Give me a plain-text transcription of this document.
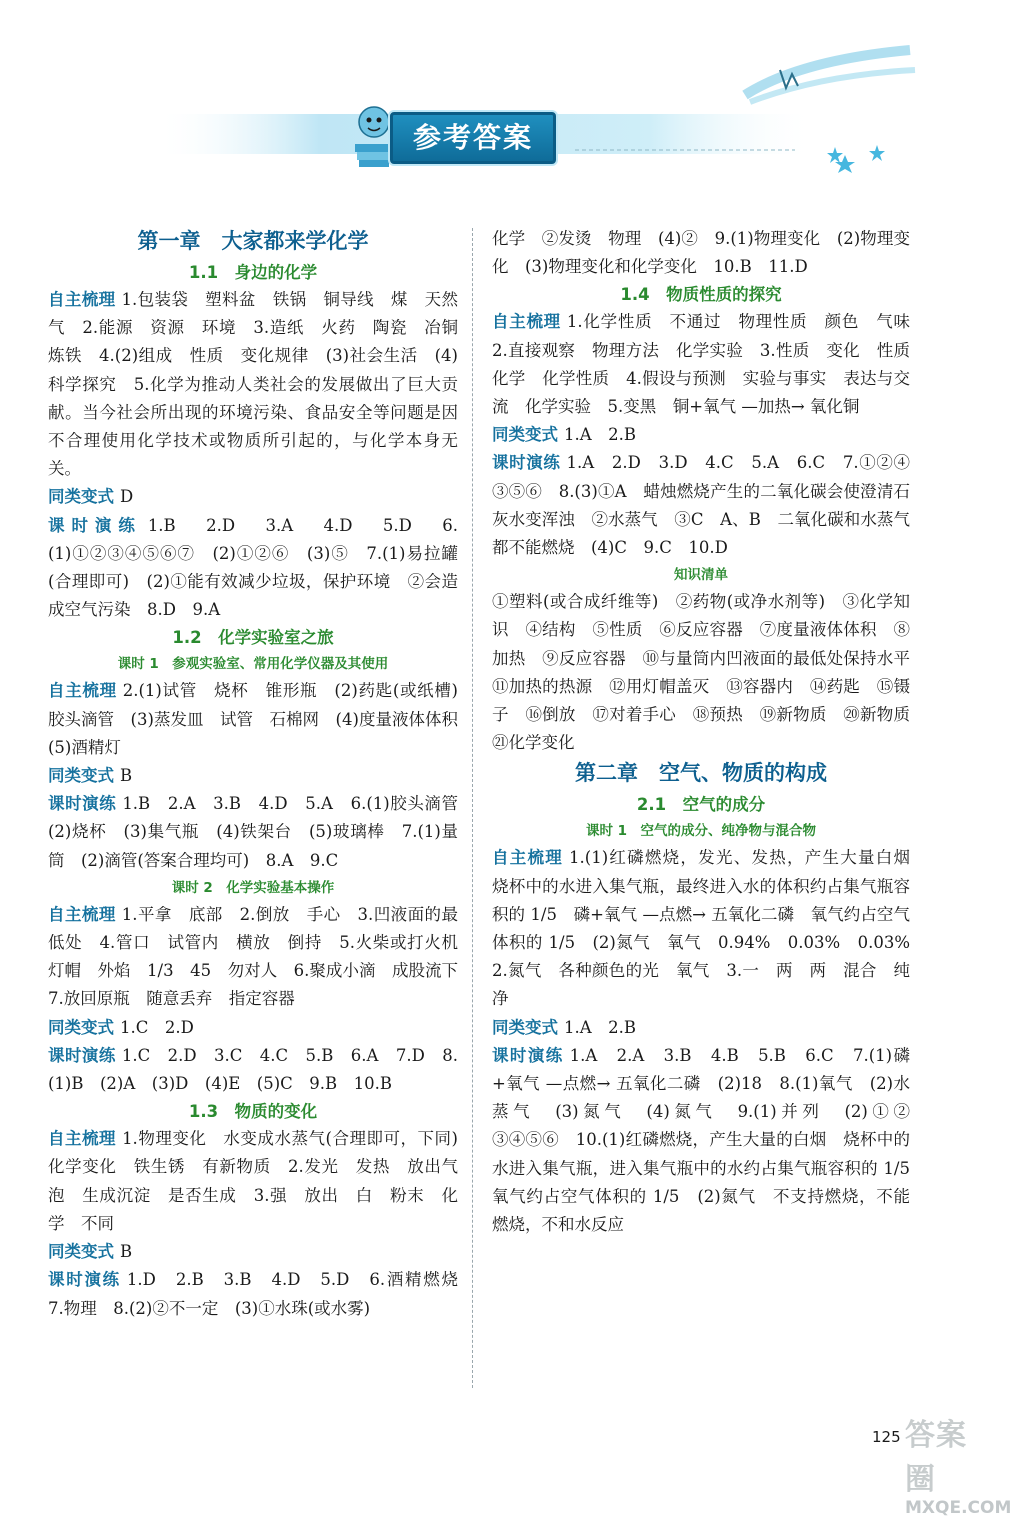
参考答案
第一章　大家都来学化学
1.1　身边的化学

自主梳理 1.包装袋　塑料盆　铁锅　铜导线　煤　天然气　2.能源　资源　环境　3.造纸　火药　陶瓷　冶铜　炼铁　4.(2)组成　性质　变化规律　(3)社会生活　(4)科学探究　5.化学为推动人类社会的发展做出了巨大贡献。当今社会所出现的环境污染、食品安全等问题是因不合理使用化学技术或物质所引起的，与化学本身无关。

同类变式 D

课时演练 1.B　2.D　3.A　4.D　5.D　6.(1)①②③④⑤⑥⑦　(2)①②⑥　(3)⑤　7.(1)易拉罐(合理即可)　(2)①能有效减少垃圾，保护环境　②会造成空气污染　8.D　9.A

1.2　化学实验室之旅
课时 1　参观实验室、常用化学仪器及其使用

自主梳理 2.(1)试管　烧杯　锥形瓶　(2)药匙(或纸槽)　胶头滴管　(3)蒸发皿　试管　石棉网　(4)度量液体体积　(5)酒精灯

同类变式 B

课时演练 1.B　2.A　3.B　4.D　5.A　6.(1)胶头滴管　(2)烧杯　(3)集气瓶　(4)铁架台　(5)玻璃棒　7.(1)量筒　(2)滴管(答案合理均可)　8.A　9.C

课时 2　化学实验基本操作

自主梳理 1.平拿　底部　2.倒放　手心　3.凹液面的最低处　4.管口　试管内　横放　倒持　5.火柴或打火机　灯帽　外焰　1/3　45　勿对人　6.聚成小滴　成股流下　7.放回原瓶　随意丢弃　指定容器

同类变式 1.C　2.D

课时演练 1.C　2.D　3.C　4.C　5.B　6.A　7.D　8.(1)B　(2)A　(3)D　(4)E　(5)C　9.B　10.B

1.3　物质的变化

自主梳理 1.物理变化　水变成水蒸气(合理即可，下同)　化学变化　铁生锈　有新物质　2.发光　发热　放出气泡　生成沉淀　是否生成　3.强　放出　白　粉末　化学　不同

同类变式 B

课时演练 1.D　2.B　3.B　4.D　5.D　6.酒精燃烧　7.物理　8.(2)②不一定　(3)①水珠(或水雾)

化学　②发烫　物理　(4)②　9.(1)物理变化　(2)物理变化　(3)物理变化和化学变化　10.B　11.D

1.4　物质性质的探究

自主梳理 1.化学性质　不通过　物理性质　颜色　气味　2.直接观察　物理方法　化学实验　3.性质　变化　性质　化学　化学性质　4.假设与预测　实验与事实　表达与交流　化学实验　5.变黑　铜+氧气 —加热→ 氧化铜

同类变式 1.A　2.B

课时演练 1.A　2.D　3.D　4.C　5.A　6.C　7.①②④　③⑤⑥　8.(3)①A　蜡烛燃烧产生的二氧化碳会使澄清石灰水变浑浊　②水蒸气　③C　A、B　二氧化碳和水蒸气都不能燃烧　(4)C　9.C　10.D

知识清单

①塑料(或合成纤维等)　②药物(或净水剂等)　③化学知识　④结构　⑤性质　⑥反应容器　⑦度量液体体积　⑧加热　⑨反应容器　⑩与量筒内凹液面的最低处保持水平　⑪加热的热源　⑫用灯帽盖灭　⑬容器内　⑭药匙　⑮镊子　⑯倒放　⑰对着手心　⑱预热　⑲新物质　⑳新物质　㉑化学变化

第二章　空气、物质的构成
2.1　空气的成分
课时 1　空气的成分、纯净物与混合物

自主梳理 1.(1)红磷燃烧，发光、发热，产生大量白烟　烧杯中的水进入集气瓶，最终进入水的体积约占集气瓶容积的 1/5　磷+氧气 —点燃→ 五氧化二磷　氧气约占空气体积的 1/5　(2)氮气　氧气　0.94%　0.03%　0.03%　2.氮气　各种颜色的光　氧气　3.一　两　两　混合　纯净

同类变式 1.A　2.B

课时演练 1.A　2.A　3.B　4.B　5.B　6.C　7.(1)磷+氧气 —点燃→ 五氧化二磷　(2)18　8.(1)氧气　(2)水蒸气　(3)氮气　(4)氮气　9.(1)并列　(2)①②　③④⑤⑥　10.(1)红磷燃烧，产生大量的白烟　烧杯中的水进入集气瓶，进入集气瓶中的水约占集气瓶容积的 1/5　氧气约占空气体积的 1/5　(2)氮气　不支持燃烧，不能燃烧，不和水反应

125 答案圈
MXQE.COM
